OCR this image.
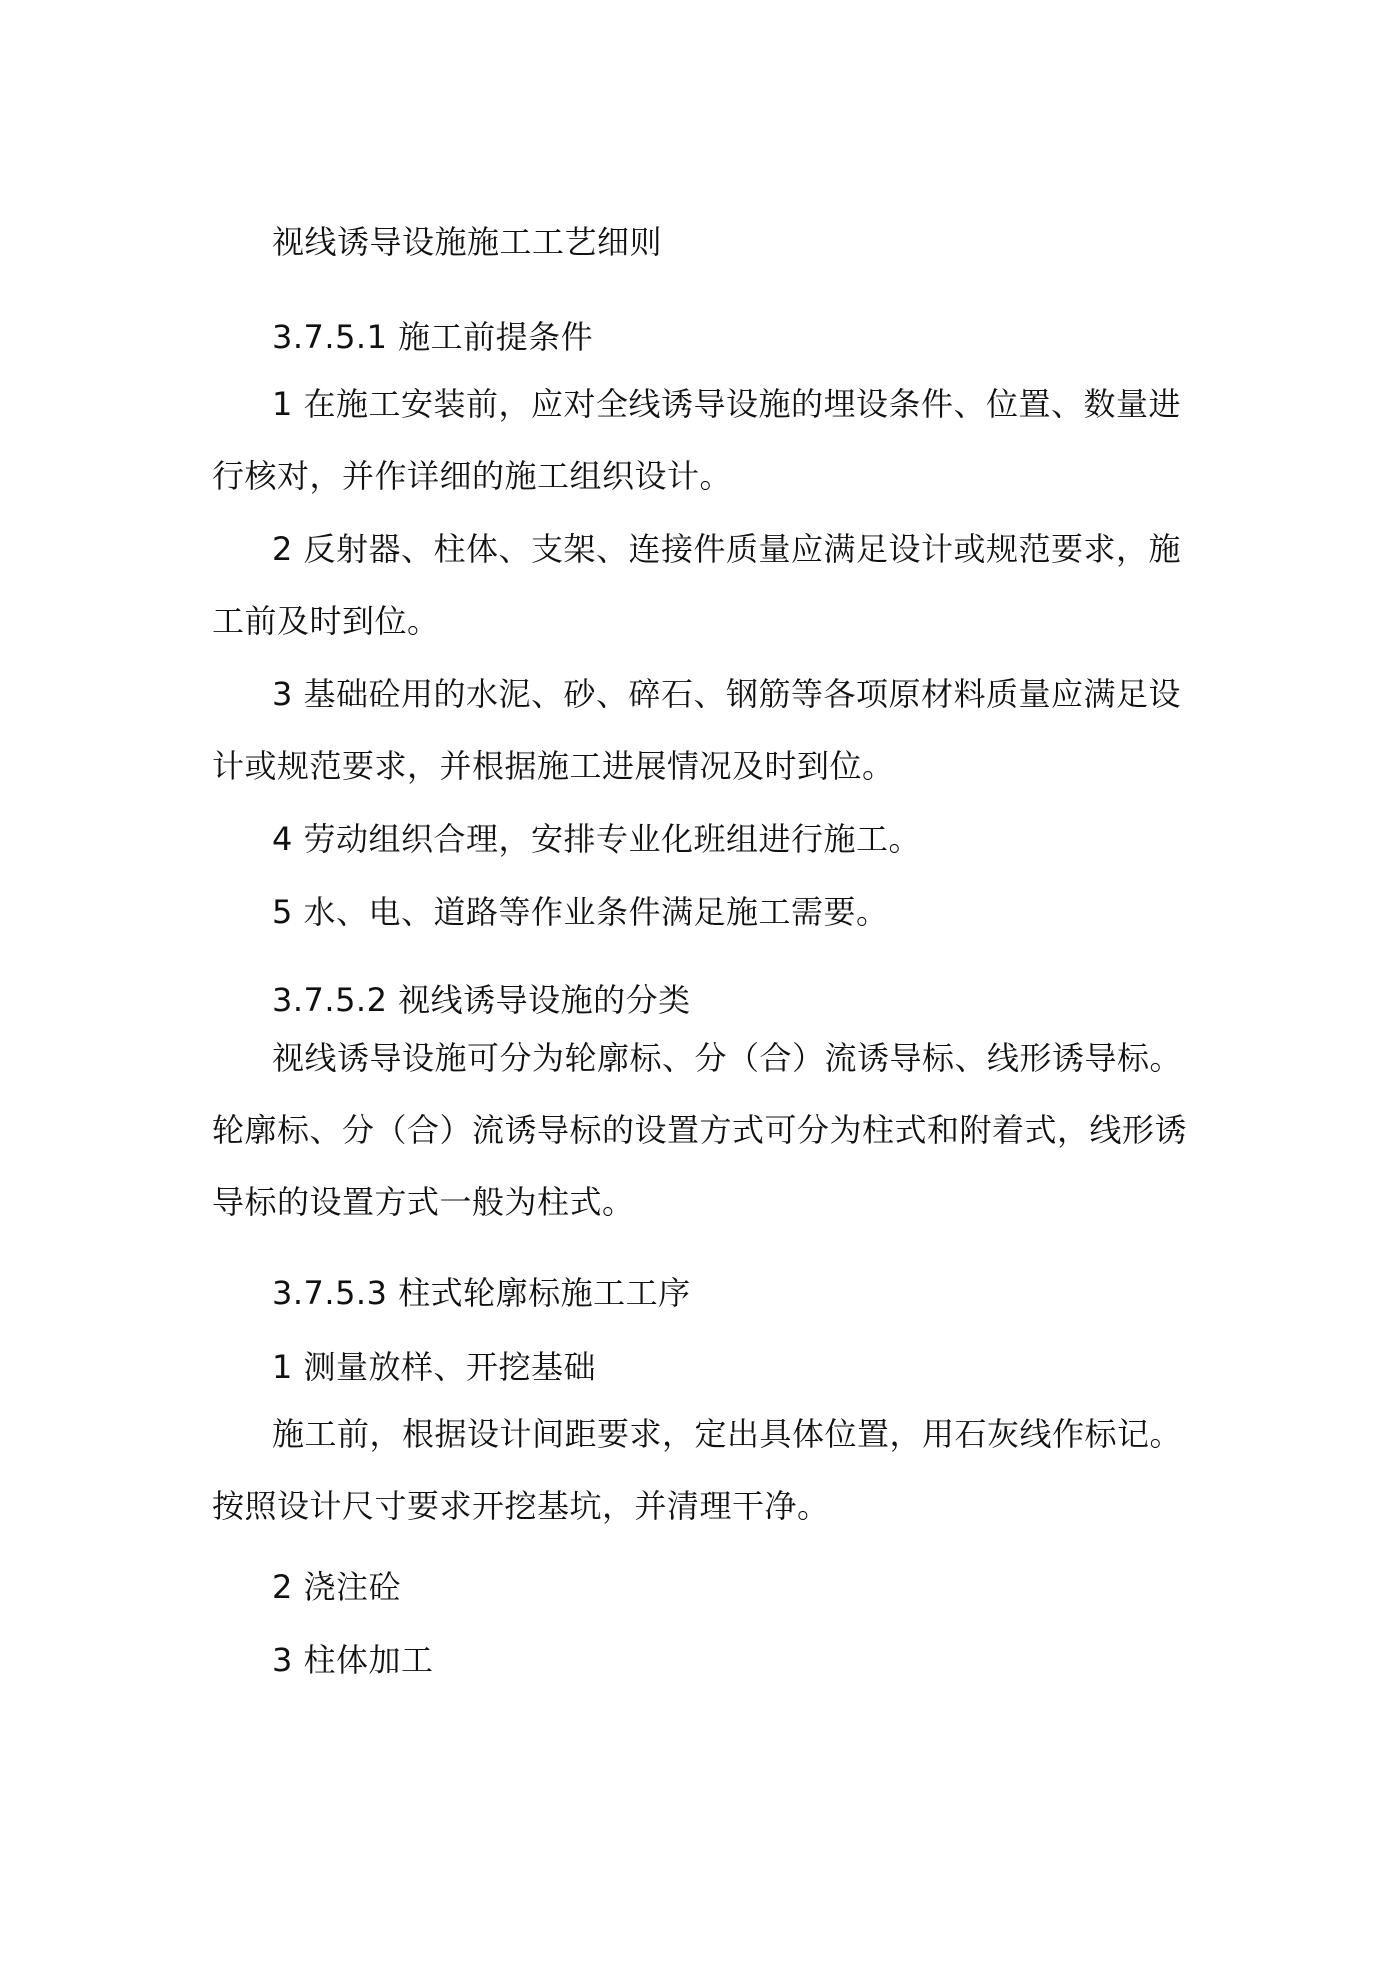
视线诱导设施施工工艺细则
3.7.5.1 施工前提条件

1 在施工安装前，应对全线诱导设施的埋设条件、位置、数量进行核对，并作详细的施工组织设计。

2 反射器、柱体、支架、连接件质量应满足设计或规范要求，施工前及时到位。

3 基础砼用的水泥、砂、碎石、钢筋等各项原材料质量应满足设计或规范要求，并根据施工进展情况及时到位。

4 劳动组织合理，安排专业化班组进行施工。

5 水、电、道路等作业条件满足施工需要。

3.7.5.2 视线诱导设施的分类

视线诱导设施可分为轮廓标、分（合）流诱导标、线形诱导标。轮廓标、分（合）流诱导标的设置方式可分为柱式和附着式，线形诱导标的设置方式一般为柱式。

3.7.5.3 柱式轮廓标施工工序
1 测量放样、开挖基础

施工前，根据设计间距要求，定出具体位置，用石灰线作标记。按照设计尺寸要求开挖基坑，并清理干净。

2 浇注砼
3 柱体加工
